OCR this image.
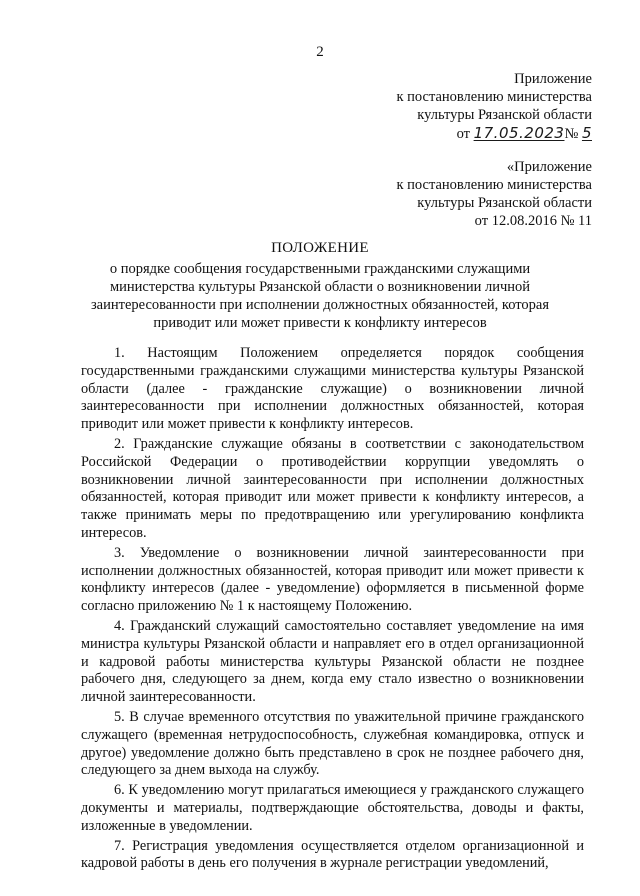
2
Приложение
к постановлению министерства
культуры Рязанской области
от 17.05.2023№ 5
«Приложение
к постановлению министерства
культуры Рязанской области
от 12.08.2016 № 11
ПОЛОЖЕНИЕ
о порядке сообщения государственными гражданскими служащими министерства культуры Рязанской области о возникновении личной заинтересованности при исполнении должностных обязанностей, которая приводит или может привести к конфликту интересов

1. Настоящим Положением определяется порядок сообщения государственными гражданскими служащими министерства культуры Рязанской области (далее - гражданские служащие) о возникновении личной заинтересованности при исполнении должностных обязанностей, которая приводит или может привести к конфликту интересов.

2. Гражданские служащие обязаны в соответствии с законодательством Российской Федерации о противодействии коррупции уведомлять о возникновении личной заинтересованности при исполнении должностных обязанностей, которая приводит или может привести к конфликту интересов, а также принимать меры по предотвращению или урегулированию конфликта интересов.

3. Уведомление о возникновении личной заинтересованности при исполнении должностных обязанностей, которая приводит или может привести к конфликту интересов (далее - уведомление) оформляется в письменной форме согласно приложению № 1 к настоящему Положению.

4. Гражданский служащий самостоятельно составляет уведомление на имя министра культуры Рязанской области и направляет его в отдел организационной и кадровой работы министерства культуры Рязанской области не позднее рабочего дня, следующего за днем, когда ему стало известно о возникновении личной заинтересованности.

5. В случае временного отсутствия по уважительной причине гражданского служащего (временная нетрудоспособность, служебная командировка, отпуск и другое) уведомление должно быть представлено в срок не позднее рабочего дня, следующего за днем выхода на службу.

6. К уведомлению могут прилагаться имеющиеся у гражданского служащего документы и материалы, подтверждающие обстоятельства, доводы и факты, изложенные в уведомлении.

7. Регистрация уведомления осуществляется отделом организационной и кадровой работы в день его получения в журнале регистрации уведомлений,
